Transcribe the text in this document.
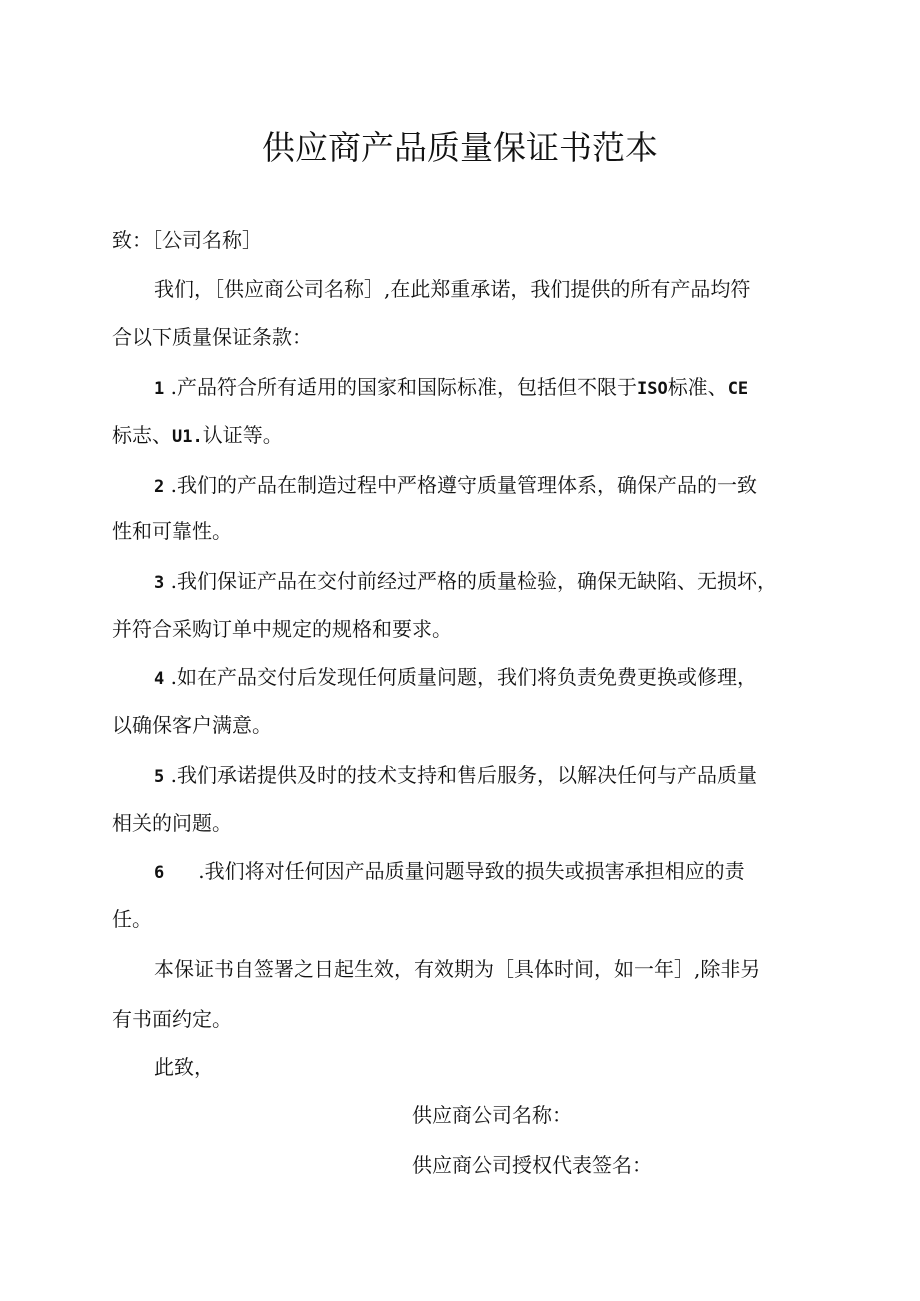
供应商产品质量保证书范本
致：［公司名称］
我们，［供应商公司名称］,在此郑重承诺，我们提供的所有产品均符
合以下质量保证条款：
1 .产品符合所有适用的国家和国际标准，包括但不限于ISO标准、CE
标志、U1.认证等。
2 .我们的产品在制造过程中严格遵守质量管理体系，确保产品的一致
性和可靠性。
3 .我们保证产品在交付前经过严格的质量检验，确保无缺陷、无损坏，
并符合采购订单中规定的规格和要求。
4 .如在产品交付后发现任何质量问题，我们将负责免费更换或修理，
以确保客户满意。
5 .我们承诺提供及时的技术支持和售后服务，以解决任何与产品质量
相关的问题。
6 .我们将对任何因产品质量问题导致的损失或损害承担相应的责
任。
本保证书自签署之日起生效，有效期为［具体时间，如一年］,除非另
有书面约定。
此致，
供应商公司名称：
供应商公司授权代表签名：
